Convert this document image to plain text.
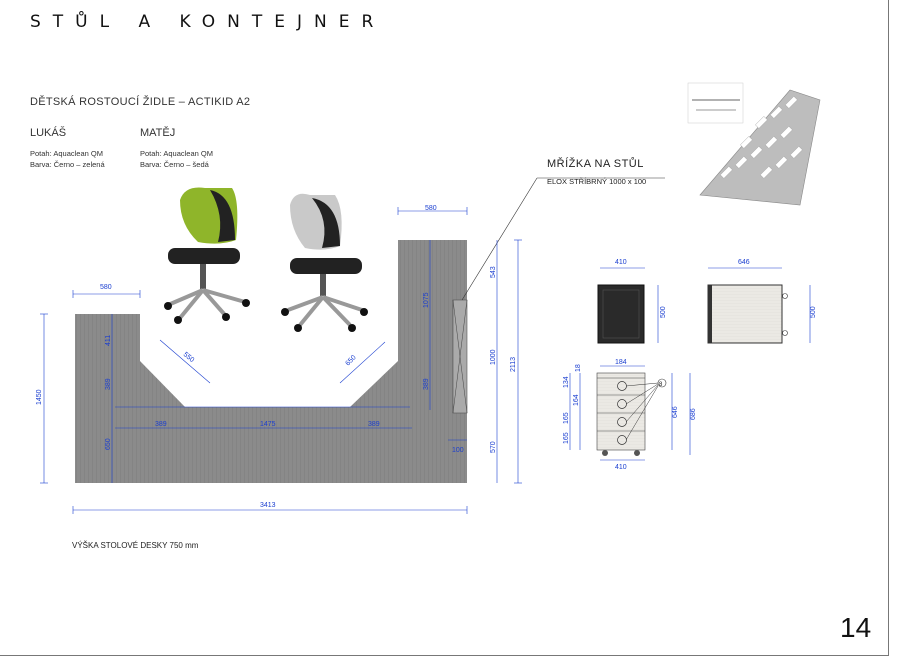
STŮL A KONTEJNER
DĚTSKÁ ROSTOUCÍ ŽIDLE – ACTIKID A2
LUKÁŠ
Potah: Aquaclean QM
Barva: Černo – zelená
MATĚJ
Potah: Aquaclean QM
Barva: Černo – šedá	MŘÍŽKA NA STŮL
ELOX STŘÍBRNÝ 1000 x 100
VÝŠKA STOLOVÉ DESKY 750 mm
14
580
580
1450
2113
411
389
650
550	650
389	1475	389
1075
389
100
543
1000
570
3413
410
500
646
500
8
184
18
134
164
165
165
646 686
410
